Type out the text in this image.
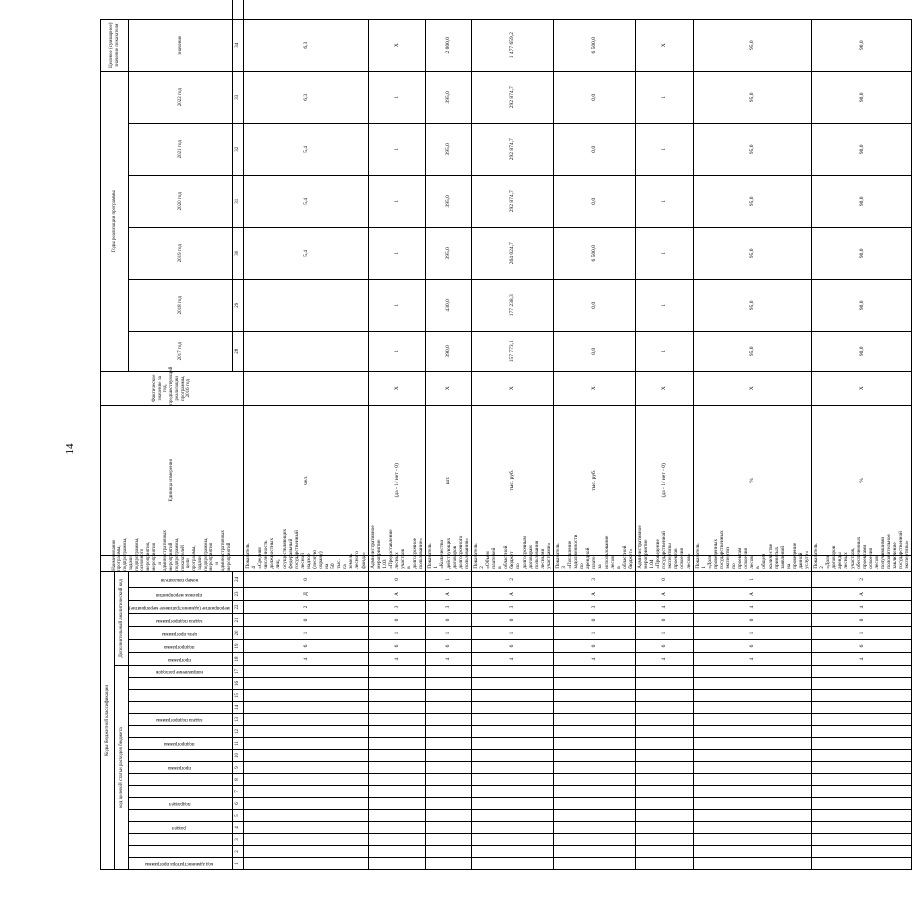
14
Коды бюджетной классификации																								Наименование программы, подпрограммы, задачи подпрограммы, основного мероприятия, мероприятия и административных мероприятий подпрограммы, показателей цели программы, задачи подпрограммы, мероприятия и административных мероприятий	Единица измерения	Фактическое значение за год, предшествующий реализации программы, 2016 год	Годы реализации программы						Целевое (суммарное) значение показателя		
код целевой статьи расходов бюджета																	Дополнительный аналитический код																		
код администратора программы			раздел		подраздел			программа		подпрограмма		задача подпрограммы				направление расходов	программа	подпрограмма	цель программы	задача подпрограммы	мероприятие (административное мероприятие)	признак мероприятия	номер показателя				2017 год	2018 год	2019 год	2020 год	2021 год	2022 год	значение		
1	2	3	4	5	6	7	8	9	10	11	12	13	14	15	16	17	18	19	20	21	22	23	24				28	29	30	31	32	33	34			
																	4	6	1	0	2	Д	0	Показатель 4 «Средняя численность должностных лиц, осуществляющих федеральный государственный лесной надзор (лесную охрану) на 50 тыс. га земель лесного фонда»	чел.				5,4	5,4	5,4	6,3	6,3		
																	4	6	1	0	3	А	0	Административное мероприятие 1.03 «Предоставление лесных участков в долгосрочное пользование»	(да - 1/ нет - 0)	Х	1	1	1	1	1	1	Х		
																	4	6	1	0	3	А	1	Показатель 1 «Количество действующих договоров долгосрочного пользования»	шт.	Х	390,0	430,0	395,0	395,0	395,0	395,0	2 000,0		
																	4	6	1	0	3	А	2	Показатель 2 «Объем платежей в областной бюджет по долгосрочным договорам пользования лесными участками»	тыс. руб.	Х	157 773,1	177 238,3	264 024,7	292 874,7	292 874,7	292 874,7	1 477 659,2		
																	4	0	1	0	3	А	3	Показатель 3 «Погашение задолженности по арендной плате за использование лесов в областной бюджет»	тыс. руб.	Х	0,0	0,0	6 500,0	0,0	0,0	0,0	6 500,0		
																	4	6	1	0	4	А	0	Административное мероприятие 1.04 «Проведение государственной экспертизы проектов освоения лесов»	(да - 1/ нет - 0)	Х	1	1	1	1	1	1	Х		
																	4	6	1	0	4	А	1	Показатель 1 «Доля проведенных государственных экспертиз по проектам освоения лесов в общем количестве принятых заявлений на проведение данной услуги»	%	Х	95,0	95,0	95,0	95,0	95,0	95,0	95,0		
																	4	6	1	0	4	А	2	Показатель 2 «Доля договоров аренды лесных участков, обеспеченных проектами освоения лесов, получившими положительное заключение государственной экспертизы»	%	Х	90,0	90,0	90,0	90,0	90,0	90,0	90,0		
